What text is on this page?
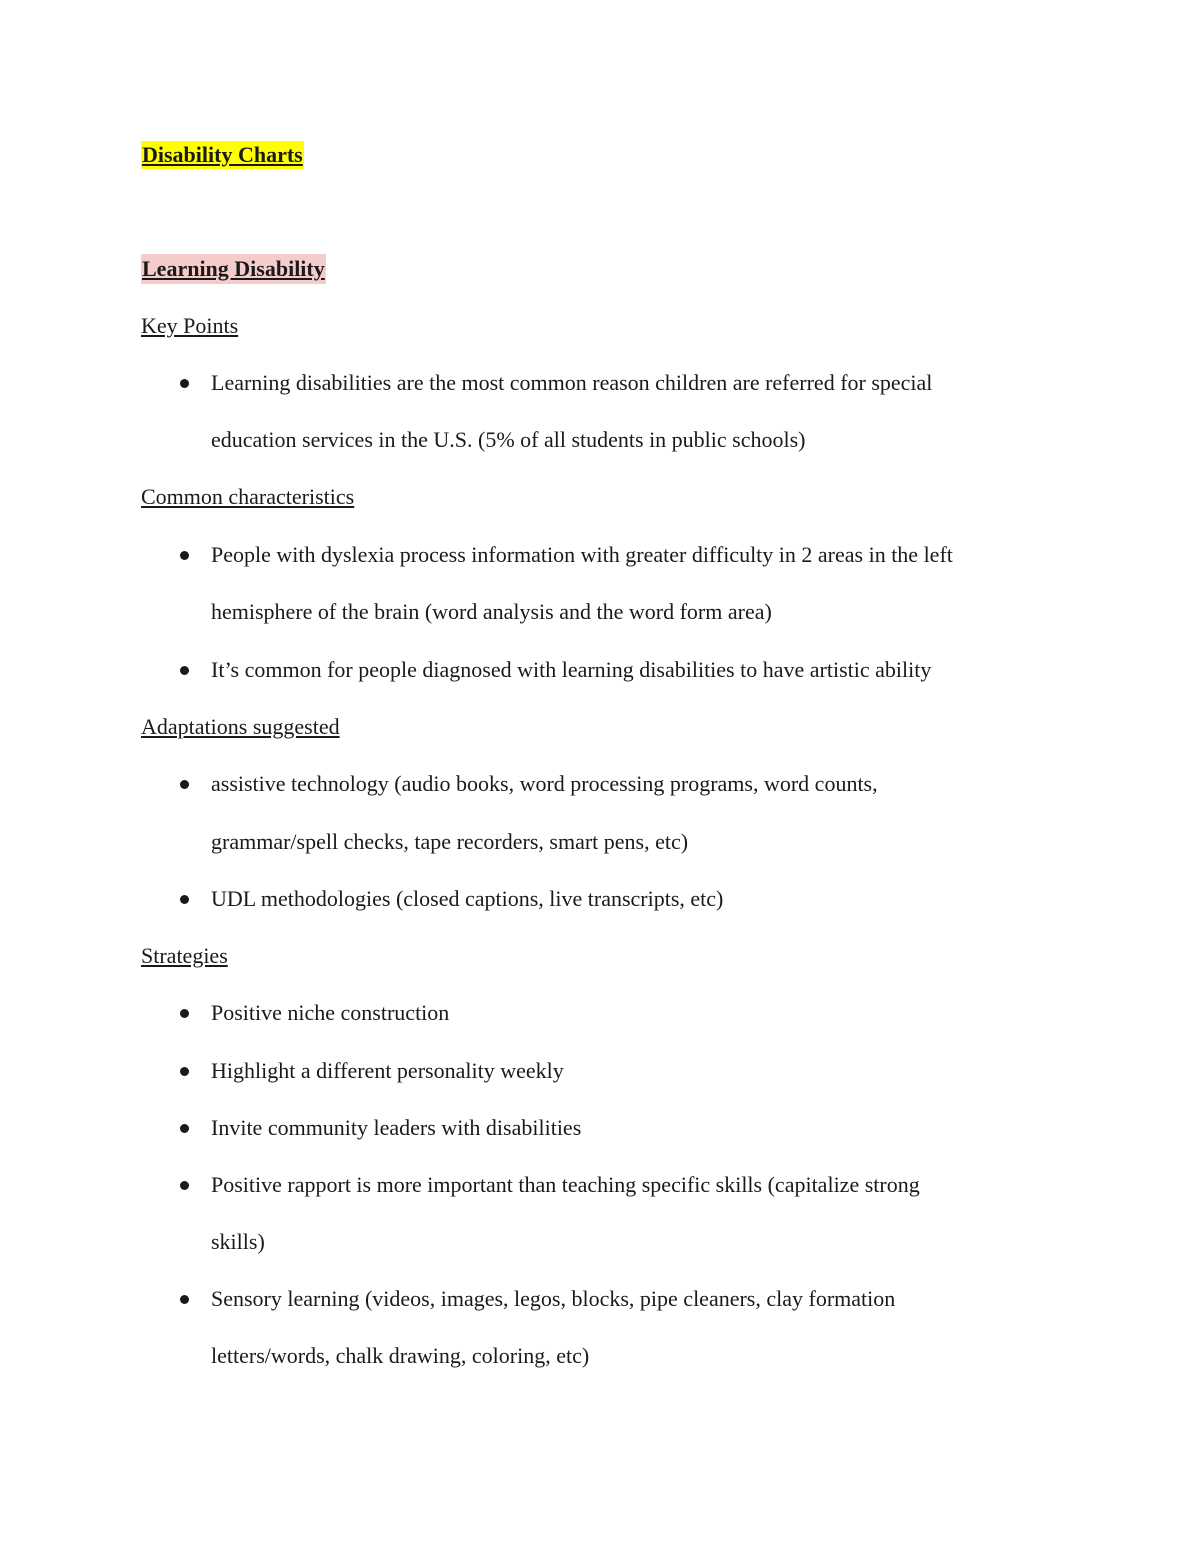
Disability Charts
Learning Disability
Key Points
Learning disabilities are the most common reason children are referred for special
education services in the U.S. (5% of all students in public schools)
Common characteristics
People with dyslexia process information with greater difficulty in 2 areas in the left
hemisphere of the brain (word analysis and the word form area)
It’s common for people diagnosed with learning disabilities to have artistic ability
Adaptations suggested
assistive technology (audio books, word processing programs, word counts,
grammar/spell checks, tape recorders, smart pens, etc)
UDL methodologies (closed captions, live transcripts, etc)
Strategies
Positive niche construction
Highlight a different personality weekly
Invite community leaders with disabilities
Positive rapport is more important than teaching specific skills (capitalize strong
skills)
Sensory learning (videos, images, legos, blocks, pipe cleaners, clay formation
letters/words, chalk drawing, coloring, etc)
